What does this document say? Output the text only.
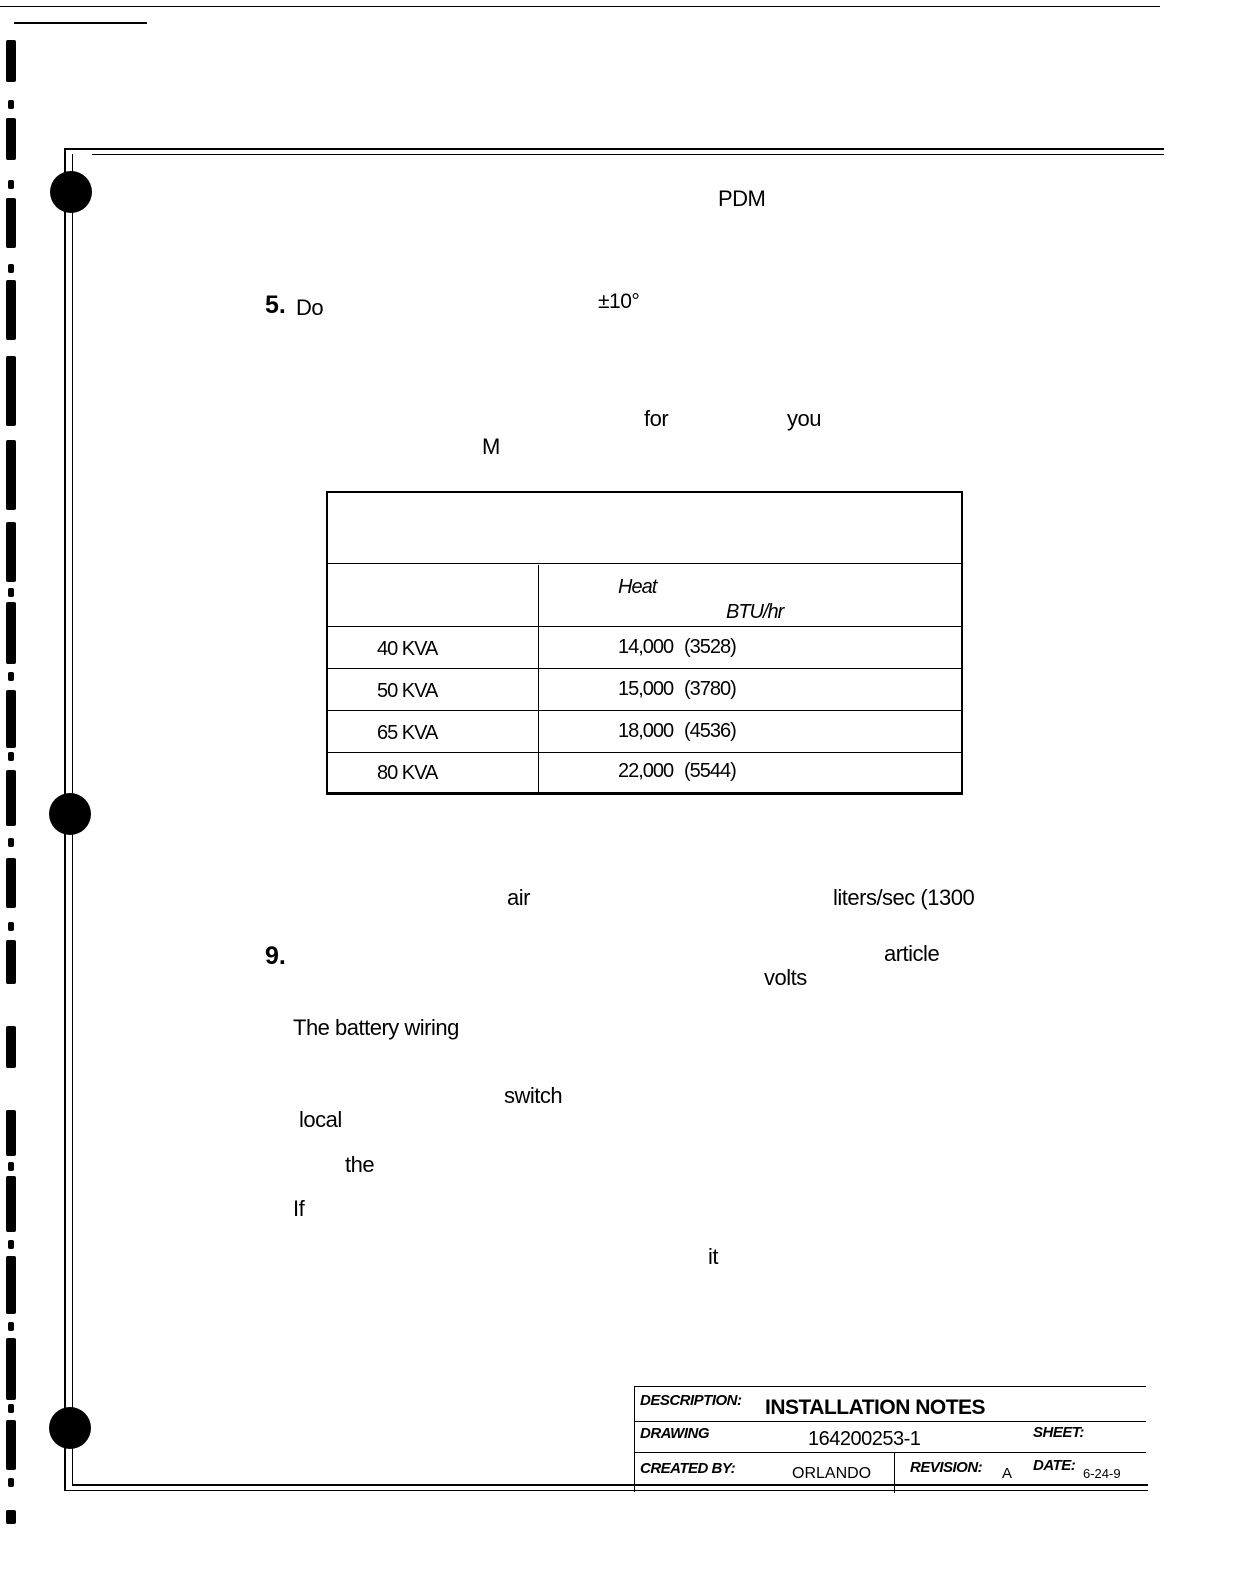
PDM
5. Do	±10°
for	you
M
Heat
BTU/hr
40 KVA	14,000 (3528)
50 KVA	15,000 (3780)
65 KVA	18,000 (4536)
80 KVA	22,000 (5544)
air	liters/sec (1300
9.	article
volts
The battery wiring
switch
local
the
If
it
DESCRIPTION: INSTALLATION NOTES
DRAWING	164200253-1	SHEET:
CREATED BY:	ORLANDO	REVISION: A DATE: 6-24-9
